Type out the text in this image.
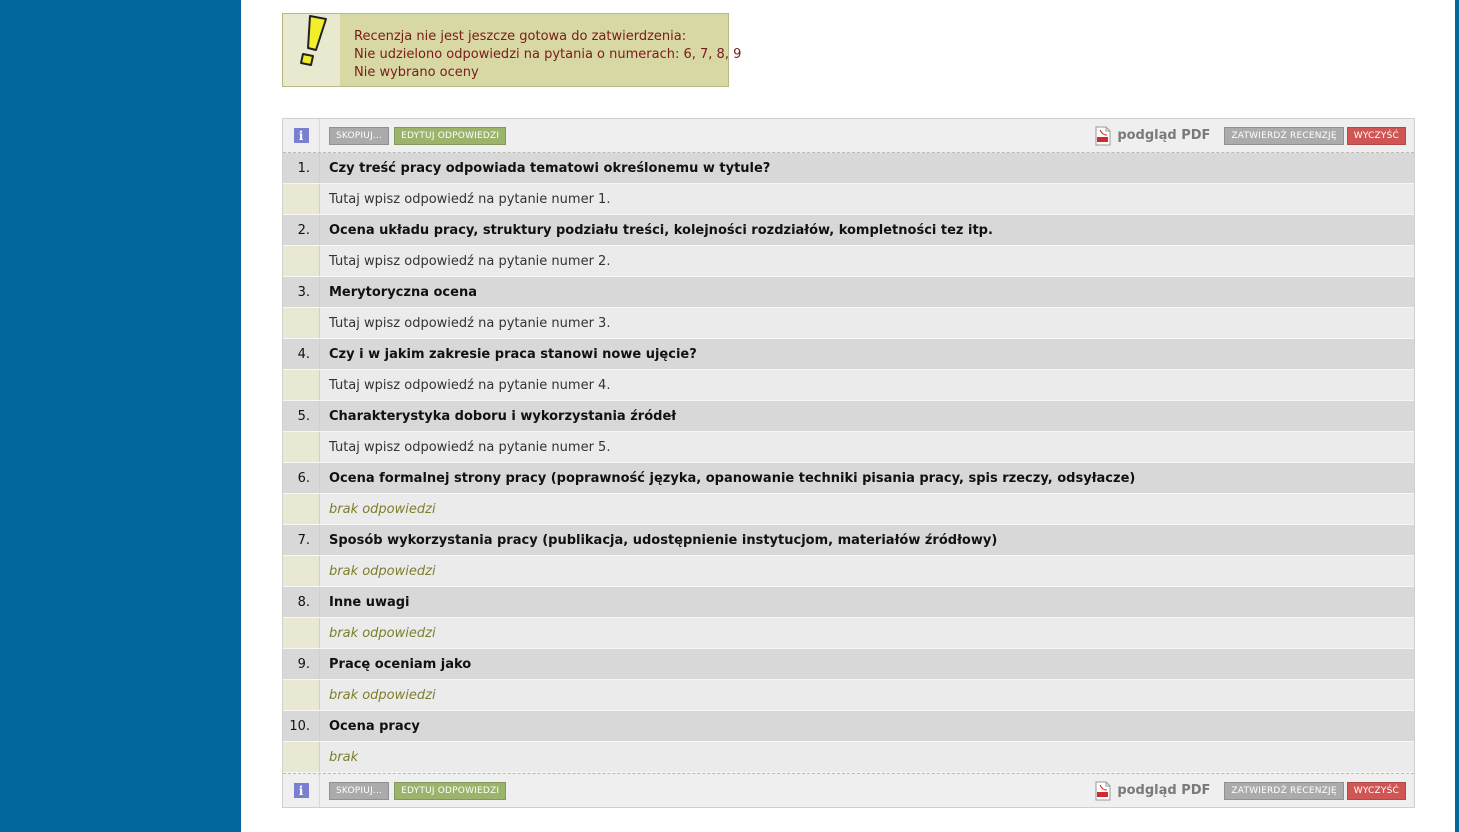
Recenzja nie jest jeszcze gotowa do zatwierdzenia:
Nie udzielono odpowiedzi na pytania o numerach: 6, 7, 8, 9
Nie wybrano oceny
i	SKOPIUJ...	EDYTUJ ODPOWIEDZI	podgląd PDF	ZATWIERDŹ RECENZJĘ	WYCZYŚĆ
1.	Czy treść pracy odpowiada tematowi określonemu w tytule?
Tutaj wpisz odpowiedź na pytanie numer 1.
2.	Ocena układu pracy, struktury podziału treści, kolejności rozdziałów, kompletności tez itp.
Tutaj wpisz odpowiedź na pytanie numer 2.
3.	Merytoryczna ocena
Tutaj wpisz odpowiedź na pytanie numer 3.
4.	Czy i w jakim zakresie praca stanowi nowe ujęcie?
Tutaj wpisz odpowiedź na pytanie numer 4.
5.	Charakterystyka doboru i wykorzystania źródeł
Tutaj wpisz odpowiedź na pytanie numer 5.
6.	Ocena formalnej strony pracy (poprawność języka, opanowanie techniki pisania pracy, spis rzeczy, odsyłacze)
brak odpowiedzi
7.	Sposób wykorzystania pracy (publikacja, udostępnienie instytucjom, materiałów źródłowy)
brak odpowiedzi
8.	Inne uwagi
brak odpowiedzi
9.	Pracę oceniam jako
brak odpowiedzi
10.	Ocena pracy
brak
i	SKOPIUJ...	EDYTUJ ODPOWIEDZI	podgląd PDF	ZATWIERDŹ RECENZJĘ	WYCZYŚĆ
